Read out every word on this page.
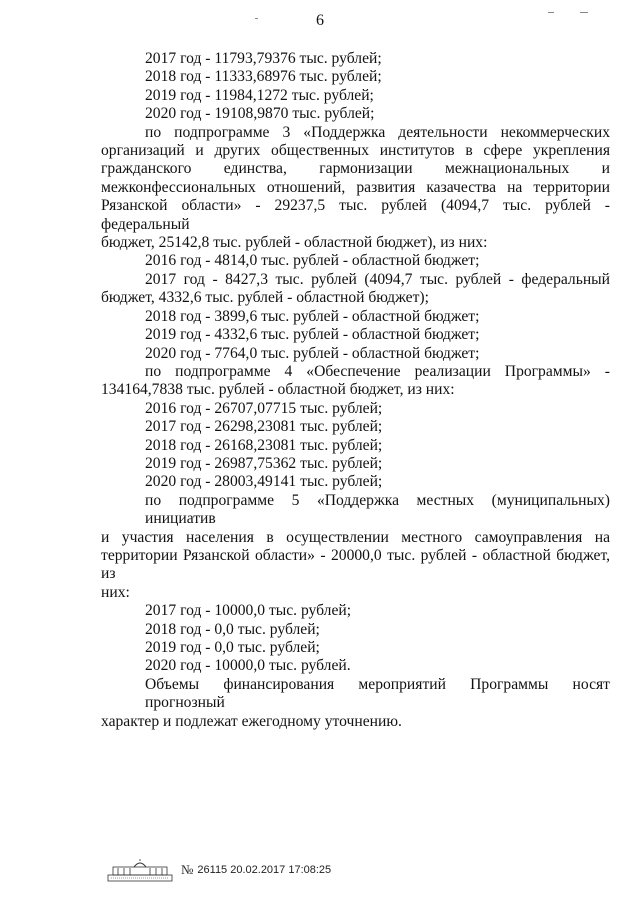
6
2017 год - 11793,79376 тыс. рублей;
2018 год - 11333,68976 тыс. рублей;
2019 год - 11984,1272 тыс. рублей;
2020 год - 19108,9870 тыс. рублей;
по подпрограмме 3 «Поддержка деятельности некоммерческих
организаций и других общественных институтов в сфере укрепления
гражданского единства, гармонизации межнациональных и
межконфессиональных отношений, развития казачества на территории
Рязанской области» - 29237,5 тыс. рублей (4094,7 тыс. рублей - федеральный
бюджет, 25142,8 тыс. рублей - областной бюджет), из них:
2016 год - 4814,0 тыс. рублей - областной бюджет;
2017 год - 8427,3 тыс. рублей (4094,7 тыс. рублей - федеральный
бюджет, 4332,6 тыс. рублей - областной бюджет);
2018 год - 3899,6 тыс. рублей - областной бюджет;
2019 год - 4332,6 тыс. рублей - областной бюджет;
2020 год - 7764,0 тыс. рублей - областной бюджет;
по подпрограмме 4 «Обеспечение реализации Программы» -
134164,7838 тыс. рублей - областной бюджет, из них:
2016 год - 26707,07715 тыс. рублей;
2017 год - 26298,23081 тыс. рублей;
2018 год - 26168,23081 тыс. рублей;
2019 год - 26987,75362 тыс. рублей;
2020 год - 28003,49141 тыс. рублей;
по подпрограмме 5 «Поддержка местных (муниципальных) инициатив
и участия населения в осуществлении местного самоуправления на
территории Рязанской области» - 20000,0 тыс. рублей - областной бюджет, из
них:
2017 год - 10000,0 тыс. рублей;
2018 год - 0,0 тыс. рублей;
2019 год - 0,0 тыс. рублей;
2020 год - 10000,0 тыс. рублей.
Объемы финансирования мероприятий Программы носят прогнозный
характер и подлежат ежегодному уточнению.
№ 26115 20.02.2017 17:08:25
